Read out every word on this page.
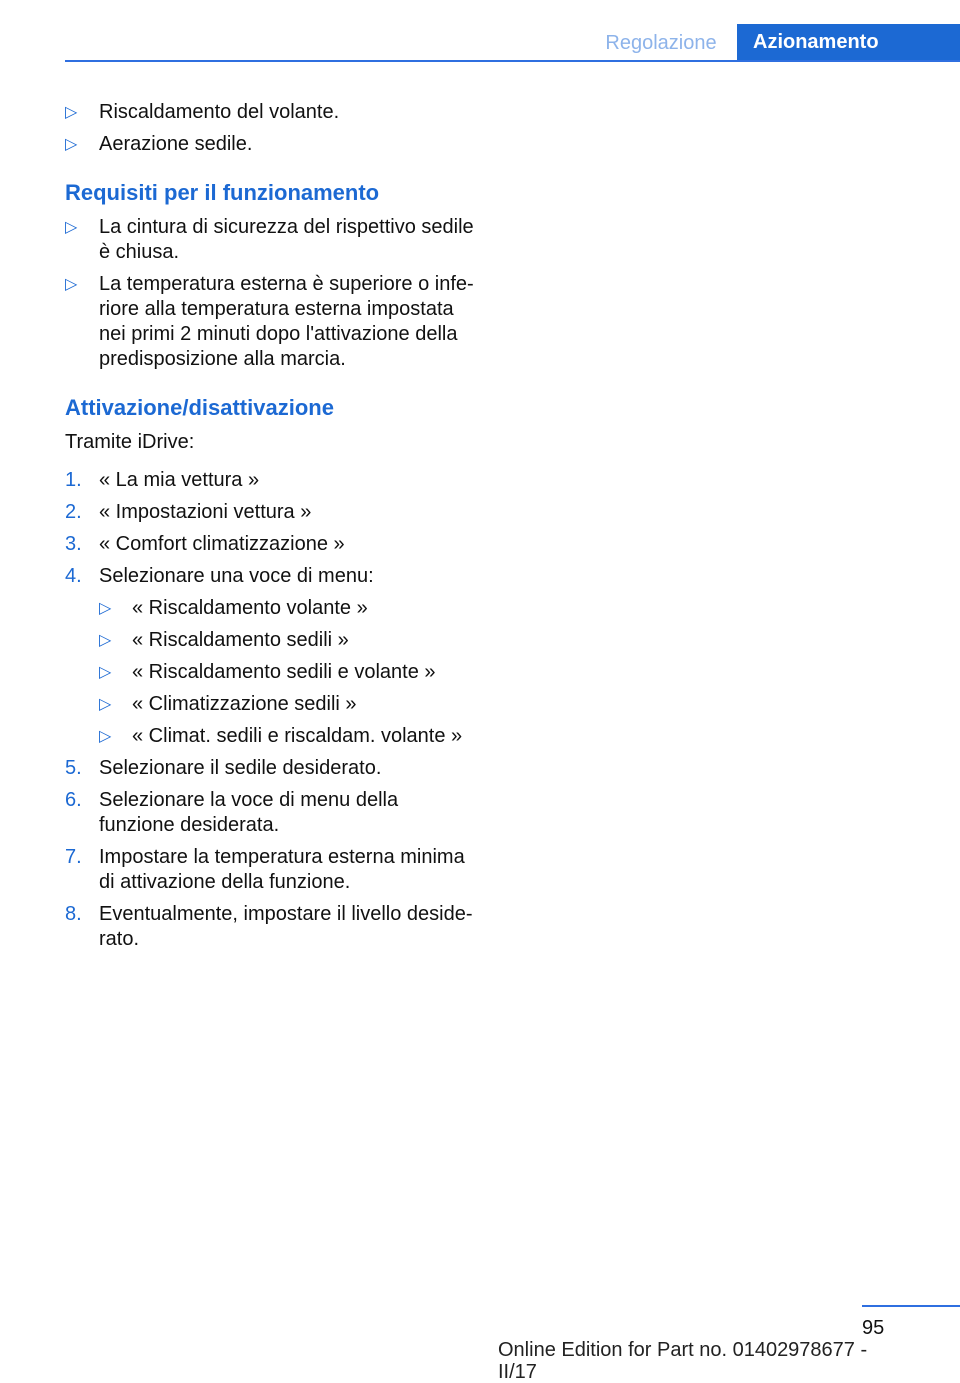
Regolazione	Azionamento
▷ Riscaldamento del volante.
▷ Aerazione sedile.
Requisiti per il funzionamento
▷ La cintura di sicurezza del rispettivo sedile è chiusa.
▷ La temperatura esterna è superiore o inferiore alla temperatura esterna impostata nei primi 2 minuti dopo l'attivazione della predisposizione alla marcia.
Attivazione/disattivazione
Tramite iDrive:
1. « La mia vettura »
2. « Impostazioni vettura »
3. « Comfort climatizzazione »
4. Selezionare una voce di menu:
▷ « Riscaldamento volante »
▷ « Riscaldamento sedili »
▷ « Riscaldamento sedili e volante »
▷ « Climatizzazione sedili »
▷ « Climat. sedili e riscaldam. volante »
5. Selezionare il sedile desiderato.
6. Selezionare la voce di menu della funzione desiderata.
7. Impostare la temperatura esterna minima di attivazione della funzione.
8. Eventualmente, impostare il livello desiderato.
95
Online Edition for Part no. 01402978677 - II/17
